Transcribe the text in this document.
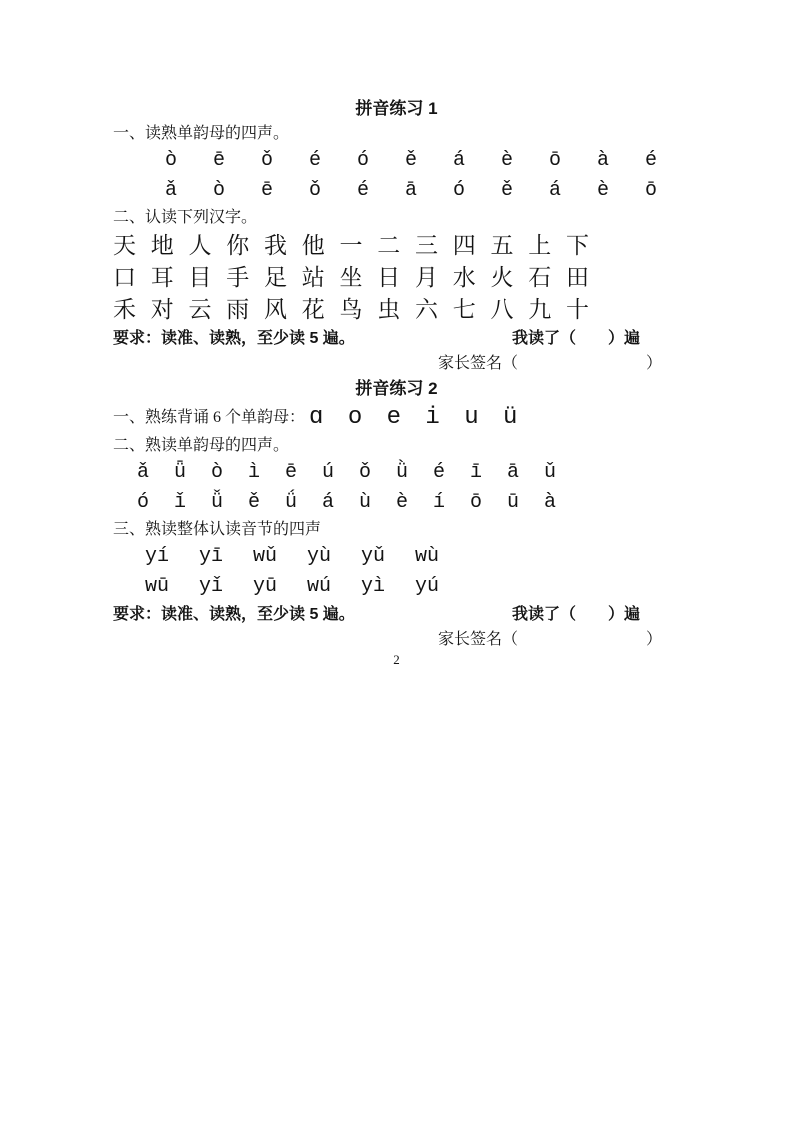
拼音练习 1

一、读熟单韵母的四声。

ò ē ǒ é ó ě á è ō à é

ǎ ò ē ǒ é ā ó ě á è ō

二、认读下列汉字。

天 地 人 你 我 他 一 二 三 四 五 上 下

口 耳 目 手 足 站 坐 日 月 水 火 石 田

禾 对 云 雨 风 花 鸟 虫 六 七 八 九 十

要求：读准、读熟，至少读 5 遍。	我读了（　　）遍

家长签名（　　　　　　　　）

拼音练习 2

一、熟练背诵 6 个单韵母： ɑ o e i u ü

二、熟读单韵母的四声。

ǎ ǖ ò ì ē ú ǒ ǜ é ī ā ǔ

ó ǐ ǚ ě ǘ á ù è í ō ū à

三、熟读整体认读音节的四声

yí yī wǔ yù yǔ wù

wū yǐ yū wú yì yú

要求：读准、读熟，至少读 5 遍。	我读了（　　）遍

家长签名（　　　　　　　　）

2
